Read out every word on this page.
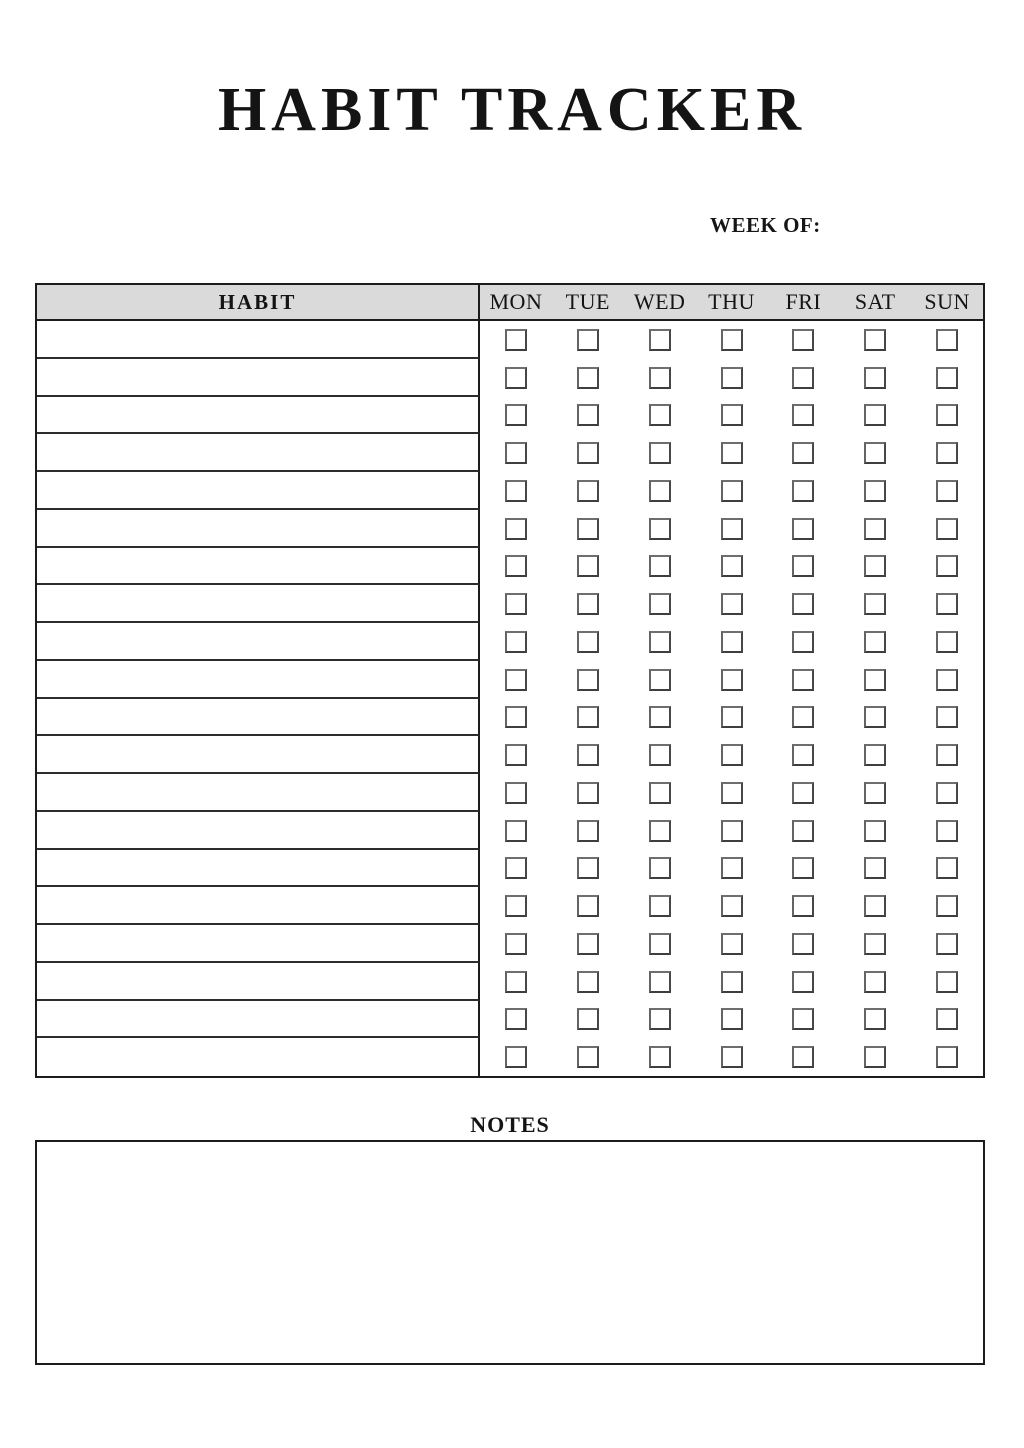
HABIT TRACKER
WEEK OF:
HABIT	MON	TUE	WED	THU	FRI	SAT	SUN
NOTES
